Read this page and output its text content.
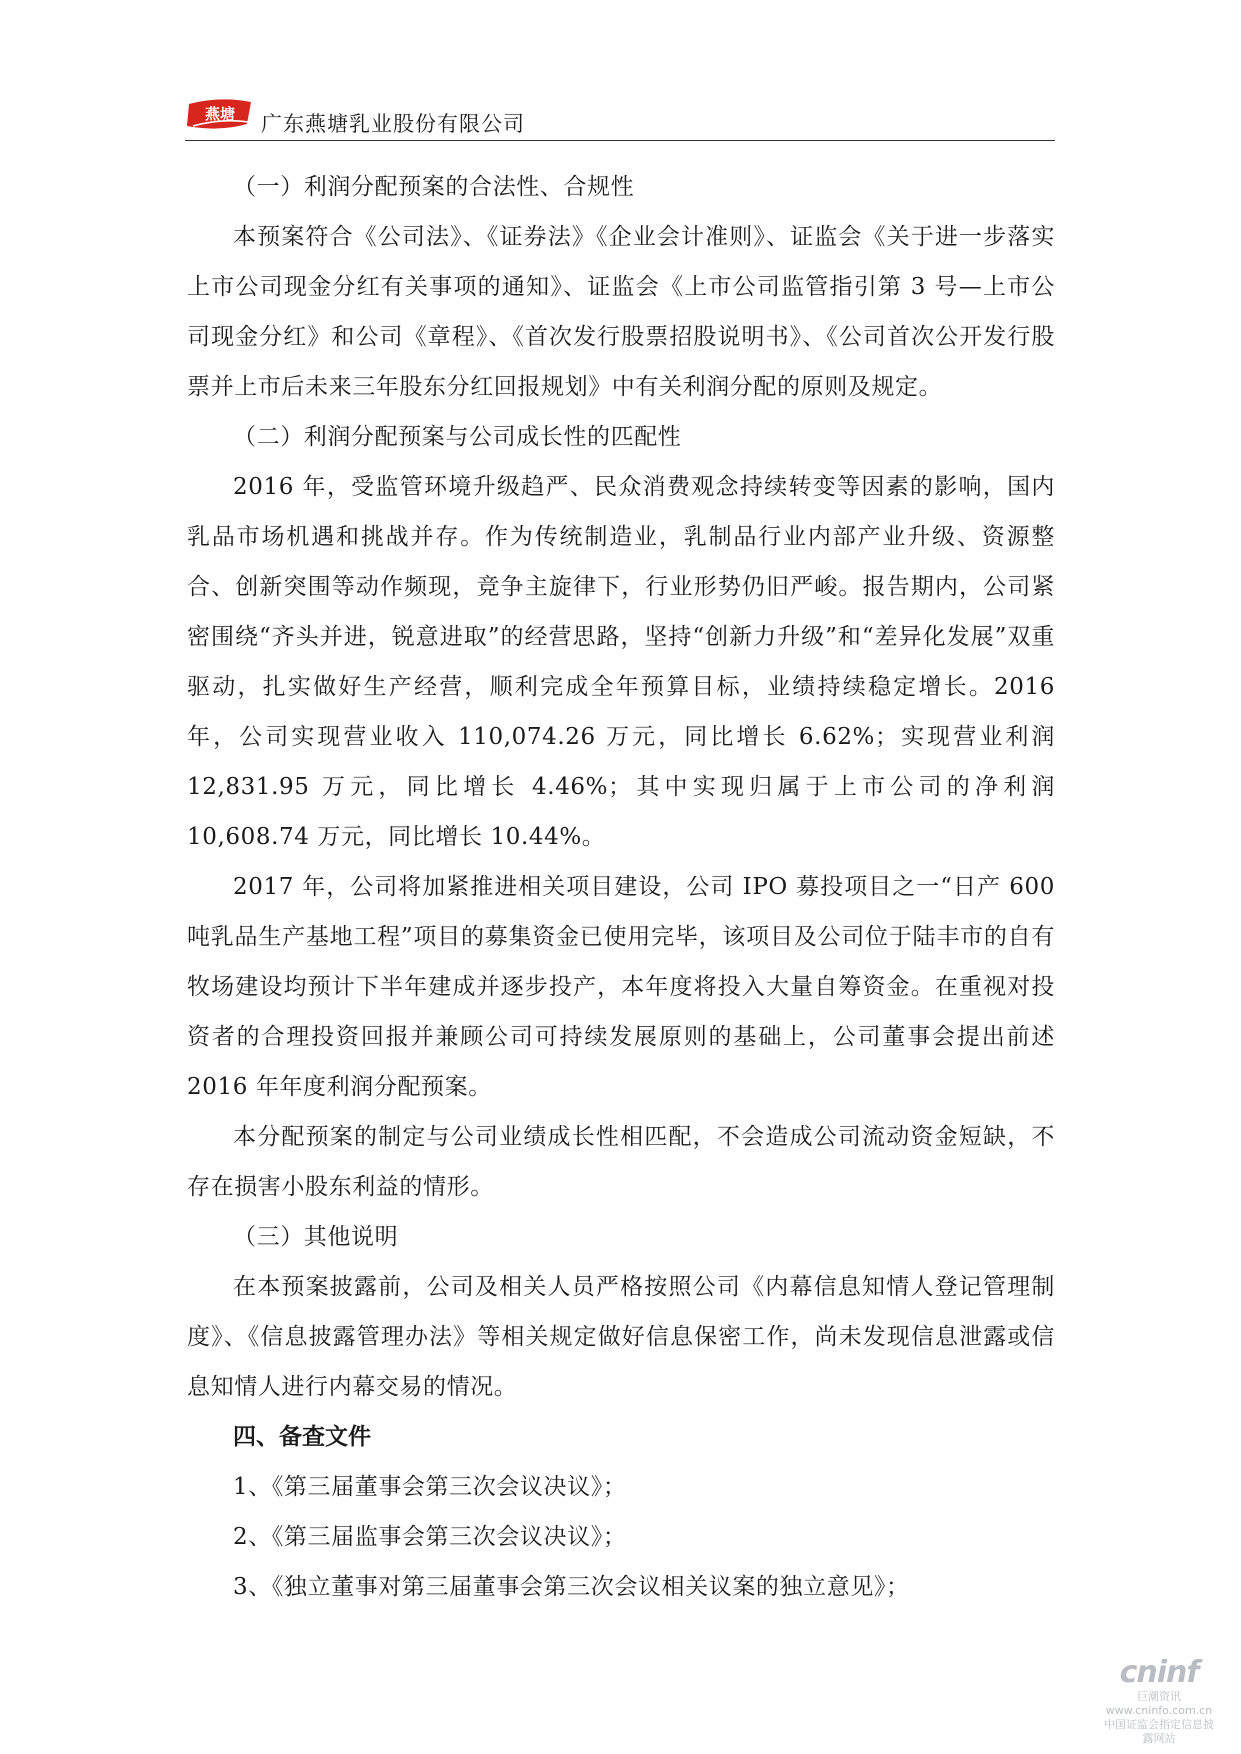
燕塘 广东燕塘乳业股份有限公司

（一）利润分配预案的合法性、合规性

本预案符合《公司法》、《证券法》《企业会计准则》、证监会《关于进一步落实上市公司现金分红有关事项的通知》、证监会《上市公司监管指引第 3 号—上市公司现金分红》和公司《章程》、《首次发行股票招股说明书》、《公司首次公开发行股票并上市后未来三年股东分红回报规划》中有关利润分配的原则及规定。

（二）利润分配预案与公司成长性的匹配性

2016 年，受监管环境升级趋严、民众消费观念持续转变等因素的影响，国内乳品市场机遇和挑战并存。作为传统制造业，乳制品行业内部产业升级、资源整合、创新突围等动作频现，竞争主旋律下，行业形势仍旧严峻。报告期内，公司紧密围绕“齐头并进，锐意进取”的经营思路，坚持“创新力升级”和“差异化发展”双重驱动，扎实做好生产经营，顺利完成全年预算目标，业绩持续稳定增长。2016 年，公司实现营业收入 110,074.26 万元，同比增长 6.62%；实现营业利润 12,831.95 万元，同比增长 4.46%；其中实现归属于上市公司的净利润 10,608.74 万元，同比增长 10.44%。

2017 年，公司将加紧推进相关项目建设，公司 IPO 募投项目之一“日产 600 吨乳品生产基地工程”项目的募集资金已使用完毕，该项目及公司位于陆丰市的自有牧场建设均预计下半年建成并逐步投产，本年度将投入大量自筹资金。在重视对投资者的合理投资回报并兼顾公司可持续发展原则的基础上，公司董事会提出前述 2016 年年度利润分配预案。

本分配预案的制定与公司业绩成长性相匹配，不会造成公司流动资金短缺，不存在损害小股东利益的情形。

（三）其他说明

在本预案披露前，公司及相关人员严格按照公司《内幕信息知情人登记管理制度》、《信息披露管理办法》等相关规定做好信息保密工作，尚未发现信息泄露或信息知情人进行内幕交易的情况。

四、备查文件

1、《第三届董事会第三次会议决议》；

2、《第三届监事会第三次会议决议》；

3、《独立董事对第三届董事会第三次会议相关议案的独立意见》；

cninf
巨潮资讯
www.cninfo.com.cn
中国证监会指定信息披露网站
